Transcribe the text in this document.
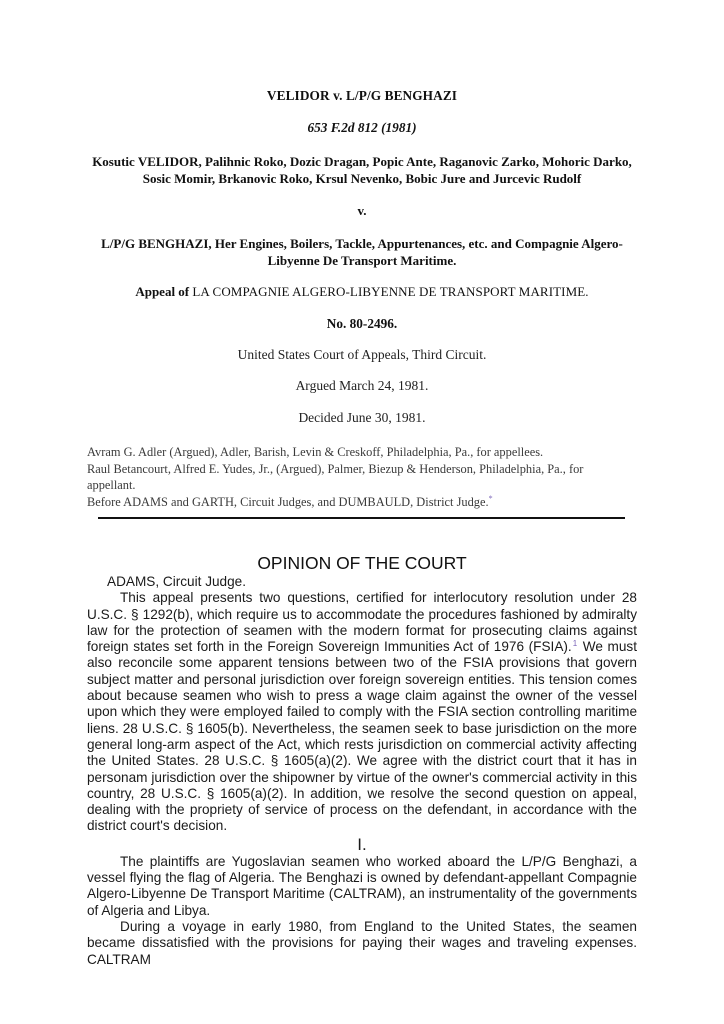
VELIDOR v. L/P/G BENGHAZI
653 F.2d 812 (1981)
Kosutic VELIDOR, Palihnic Roko, Dozic Dragan, Popic Ante, Raganovic Zarko, Mohoric Darko, Sosic Momir, Brkanovic Roko, Krsul Nevenko, Bobic Jure and Jurcevic Rudolf
v.
L/P/G BENGHAZI, Her Engines, Boilers, Tackle, Appurtenances, etc. and Compagnie Algero-Libyenne De Transport Maritime.
Appeal of LA COMPAGNIE ALGERO-LIBYENNE DE TRANSPORT MARITIME.
No. 80-2496.
United States Court of Appeals, Third Circuit.
Argued March 24, 1981.
Decided June 30, 1981.

Avram G. Adler (Argued), Adler, Barish, Levin & Creskoff, Philadelphia, Pa., for appellees.

Raul Betancourt, Alfred E. Yudes, Jr., (Argued), Palmer, Biezup & Henderson, Philadelphia, Pa., for appellant.

Before ADAMS and GARTH, Circuit Judges, and DUMBAULD, District Judge.*

OPINION OF THE COURT

ADAMS, Circuit Judge.

This appeal presents two questions, certified for interlocutory resolution under 28 U.S.C. § 1292(b), which require us to accommodate the procedures fashioned by admiralty law for the protection of seamen with the modern format for prosecuting claims against foreign states set forth in the Foreign Sovereign Immunities Act of 1976 (FSIA).$^1$ We must also reconcile some apparent tensions between two of the FSIA provisions that govern subject matter and personal jurisdiction over foreign sovereign entities. This tension comes about because seamen who wish to press a wage claim against the owner of the vessel upon which they were employed failed to comply with the FSIA section controlling maritime liens. 28 U.S.C. § 1605(b). Nevertheless, the seamen seek to base jurisdiction on the more general long-arm aspect of the Act, which rests jurisdiction on commercial activity affecting the United States. 28 U.S.C. § 1605(a)(2). We agree with the district court that it has in personam jurisdiction over the shipowner by virtue of the owner's commercial activity in this country, 28 U.S.C. § 1605(a)(2). In addition, we resolve the second question on appeal, dealing with the propriety of service of process on the defendant, in accordance with the district court's decision.

I.

The plaintiffs are Yugoslavian seamen who worked aboard the L/P/G Benghazi, a vessel flying the flag of Algeria. The Benghazi is owned by defendant-appellant Compagnie Algero-Libyenne De Transport Maritime (CALTRAM), an instrumentality of the governments of Algeria and Libya.

During a voyage in early 1980, from England to the United States, the seamen became dissatisfied with the provisions for paying their wages and traveling expenses. CALTRAM
